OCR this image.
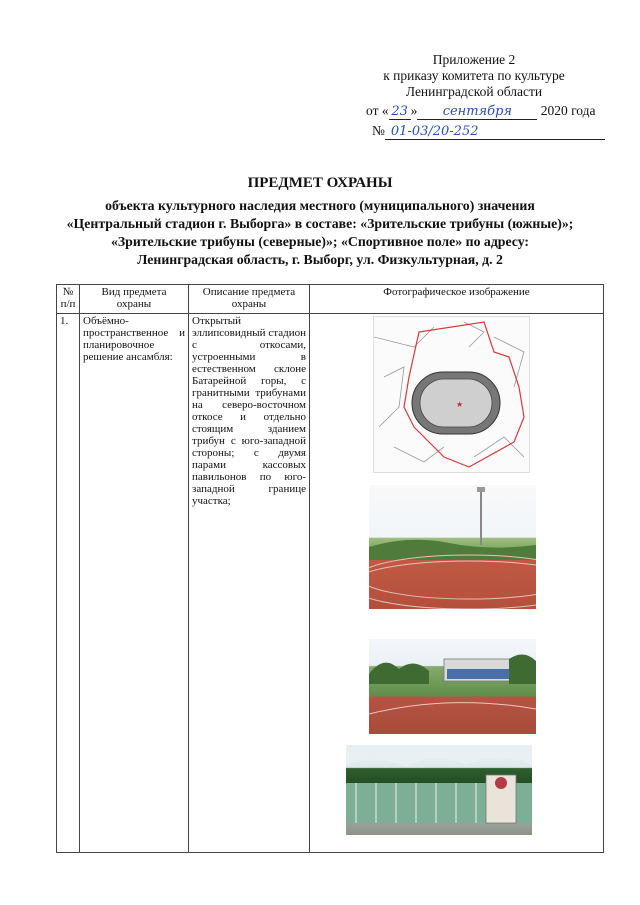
Приложение 2
к приказу комитета по культуре
Ленинградской области
от « 23 » сентября 2020 года
№ 01-03/20-252
ПРЕДМЕТ ОХРАНЫ
объекта культурного наследия местного (муниципального) значения
«Центральный стадион г. Выборга» в составе: «Зрительские трибуны (южные)»;
«Зрительские трибуны (северные)»; «Спортивное поле» по адресу:
Ленинградская область, г. Выборг, ул. Физкультурная, д. 2
№ п/п	Вид предмета охраны	Описание предмета охраны	Фотографическое изображение
1.	Объёмно-пространственное и планировочное решение ансамбля:	Открытый эллипсовидный стадион с откосами, устроенными в естественном склоне Батарейной горы, с гранитными трибунами на северо-восточном откосе и отдельно стоящим зданием трибун с юго-западной стороны; с двумя парами кассовых павильонов по юго-западной границе участка;	
★
